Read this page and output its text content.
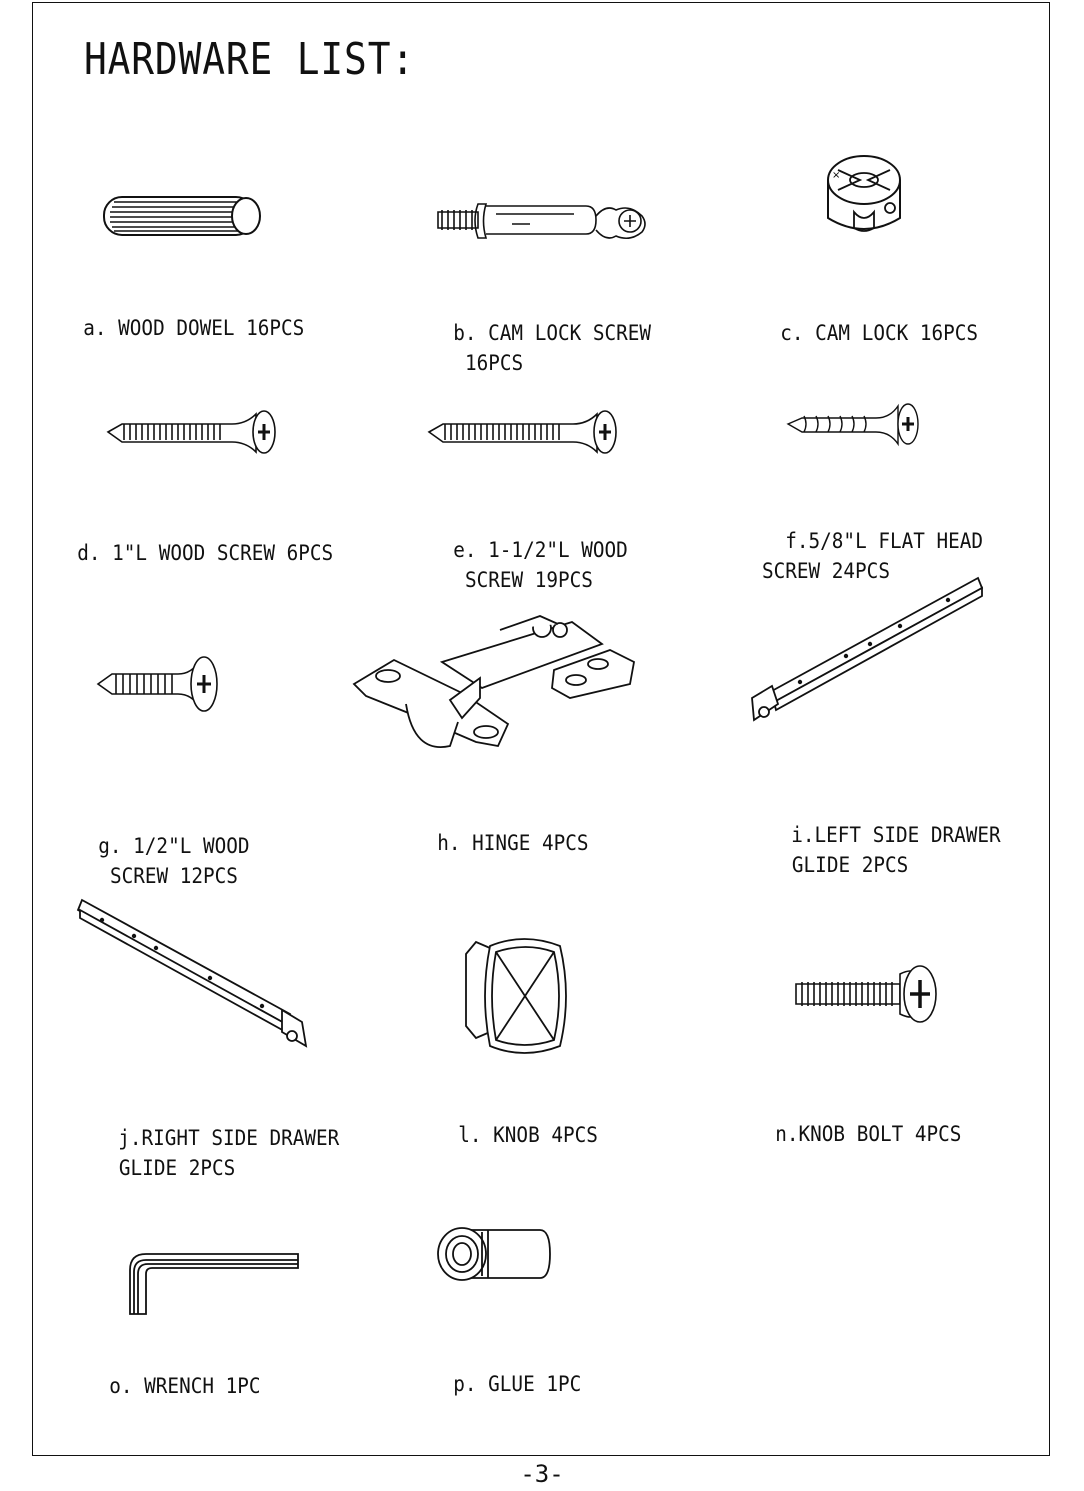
HARDWARE LIST:

a. WOOD DOWEL 16PCS	b. CAM LOCK SCREW
16PCS
×

c. CAM LOCK 16PCS

d. 1"L WOOD SCREW 6PCS	e. 1-1/2"L WOOD
SCREW 19PCS

f.5/8"L FLAT HEAD
SCREW 24PCS

g. 1/2"L WOOD
SCREW 12PCS

h. HINGE 4PCS	i.LEFT SIDE DRAWER
GLIDE 2PCS

j.RIGHT SIDE DRAWER
GLIDE 2PCS

l. KNOB 4PCS	n.KNOB BOLT 4PCS

o. WRENCH 1PC	p. GLUE 1PC
-3-
